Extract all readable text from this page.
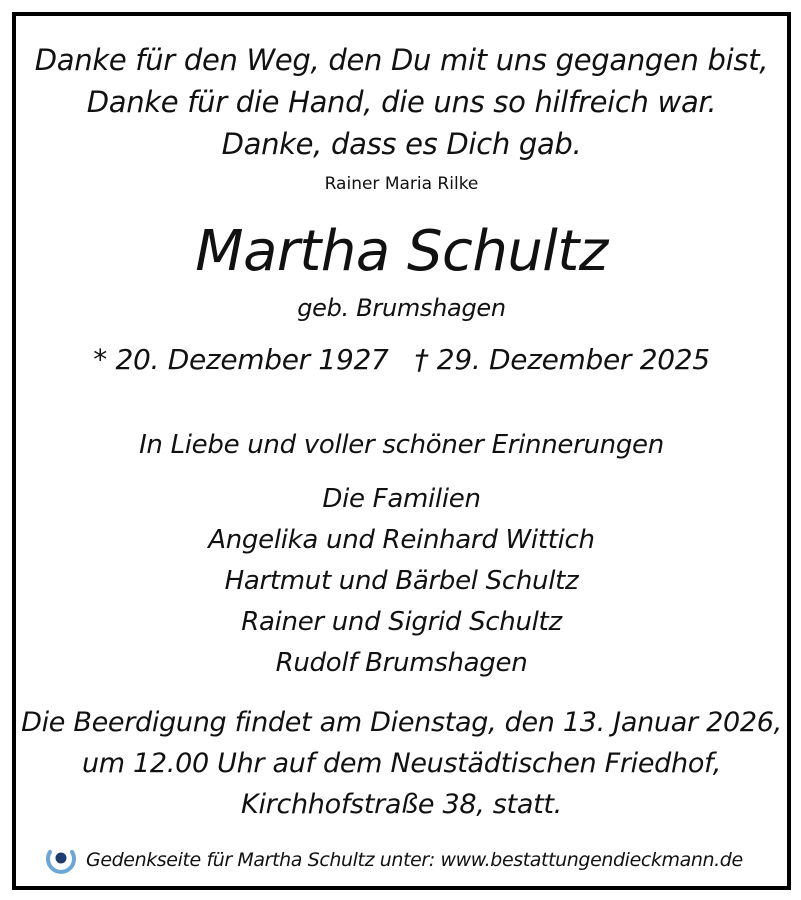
Danke für den Weg, den Du mit uns gegangen bist,
Danke für die Hand, die uns so hilfreich war.
Danke, dass es Dich gab.
Rainer Maria Rilke
Martha Schultz
geb. Brumshagen
* 20. Dezember 1927 † 29. Dezember 2025
In Liebe und voller schöner Erinnerungen
Die Familien
Angelika und Reinhard Wittich
Hartmut und Bärbel Schultz
Rainer und Sigrid Schultz
Rudolf Brumshagen
Die Beerdigung findet am Dienstag, den 13. Januar 2026,
um 12.00 Uhr auf dem Neustädtischen Friedhof,
Kirchhofstraße 38, statt.
Gedenkseite für Martha Schultz unter: www.bestattungendieckmann.de
